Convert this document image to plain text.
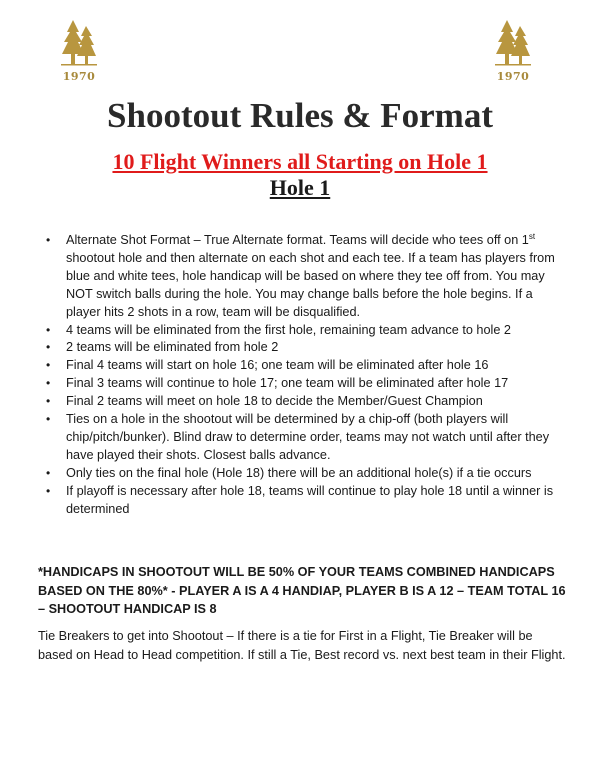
1970	1970
Shootout Rules & Format
10 Flight Winners all Starting on Hole 1
Hole 1
• Alternate Shot Format – True Alternate format. Teams will decide who tees off on 1st shootout hole and then alternate on each shot and each tee. If a team has players from blue and white tees, hole handicap will be based on where they tee off from. You may NOT switch balls during the hole. You may change balls before the hole begins. If a player hits 2 shots in a row, team will be disqualified.
• 4 teams will be eliminated from the first hole, remaining team advance to hole 2
• 2 teams will be eliminated from hole 2
• Final 4 teams will start on hole 16; one team will be eliminated after hole 16
• Final 3 teams will continue to hole 17; one team will be eliminated after hole 17
• Final 2 teams will meet on hole 18 to decide the Member/Guest Champion
• Ties on a hole in the shootout will be determined by a chip-off (both players will chip/pitch/bunker). Blind draw to determine order, teams may not watch until after they have played their shots. Closest balls advance.
• Only ties on the final hole (Hole 18) there will be an additional hole(s) if a tie occurs
• If playoff is necessary after hole 18, teams will continue to play hole 18 until a winner is determined

*HANDICAPS IN SHOOTOUT WILL BE 50% OF YOUR TEAMS COMBINED HANDICAPS BASED ON THE 80%* - PLAYER A IS A 4 HANDIAP, PLAYER B IS A 12 – TEAM TOTAL 16 – SHOOTOUT HANDICAP IS 8

Tie Breakers to get into Shootout – If there is a tie for First in a Flight, Tie Breaker will be based on Head to Head competition. If still a Tie, Best record vs. next best team in their Flight.
